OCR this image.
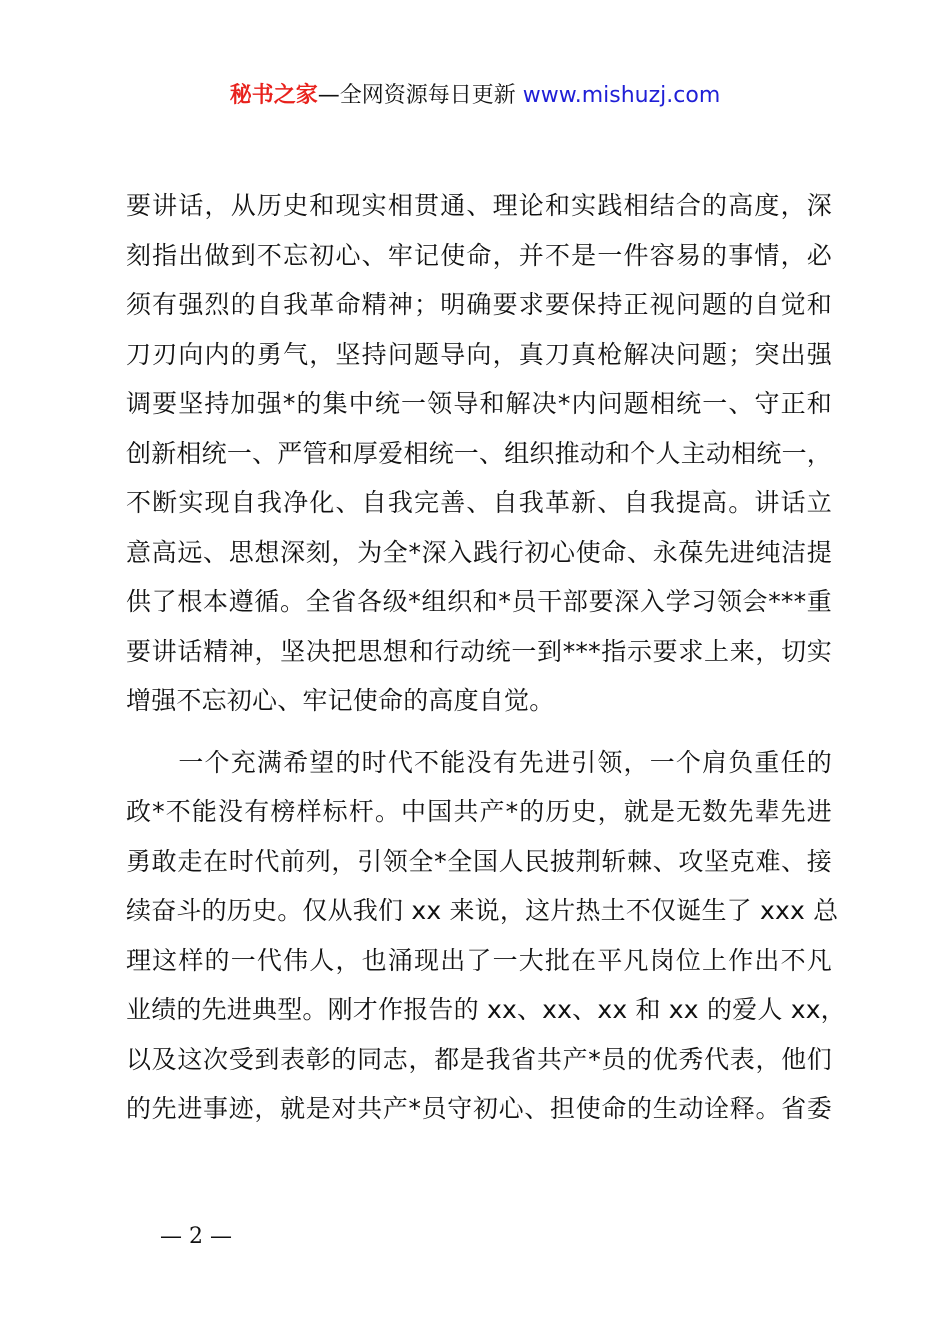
秘书之家—全网资源每日更新 www.mishuzj.com
要讲话，从历史和现实相贯通、理论和实践相结合的高度，深
刻指出做到不忘初心、牢记使命，并不是一件容易的事情，必
须有强烈的自我革命精神；明确要求要保持正视问题的自觉和
刀刃向内的勇气，坚持问题导向，真刀真枪解决问题；突出强
调要坚持加强*的集中统一领导和解决*内问题相统一、守正和
创新相统一、严管和厚爱相统一、组织推动和个人主动相统一，
不断实现自我净化、自我完善、自我革新、自我提高。讲话立
意高远、思想深刻，为全*深入践行初心使命、永葆先进纯洁提
供了根本遵循。全省各级*组织和*员干部要深入学习领会***重
要讲话精神，坚决把思想和行动统一到***指示要求上来，切实
增强不忘初心、牢记使命的高度自觉。
　　一个充满希望的时代不能没有先进引领，一个肩负重任的
政*不能没有榜样标杆。中国共产*的历史，就是无数先辈先进
勇敢走在时代前列，引领全*全国人民披荆斩棘、攻坚克难、接
续奋斗的历史。仅从我们 xx 来说，这片热土不仅诞生了 xxx 总
理这样的一代伟人，也涌现出了一大批在平凡岗位上作出不凡
业绩的先进典型。刚才作报告的 xx、xx、xx 和 xx 的爱人 xx，
以及这次受到表彰的同志，都是我省共产*员的优秀代表，他们
的先进事迹，就是对共产*员守初心、担使命的生动诠释。省委
— 2 —
